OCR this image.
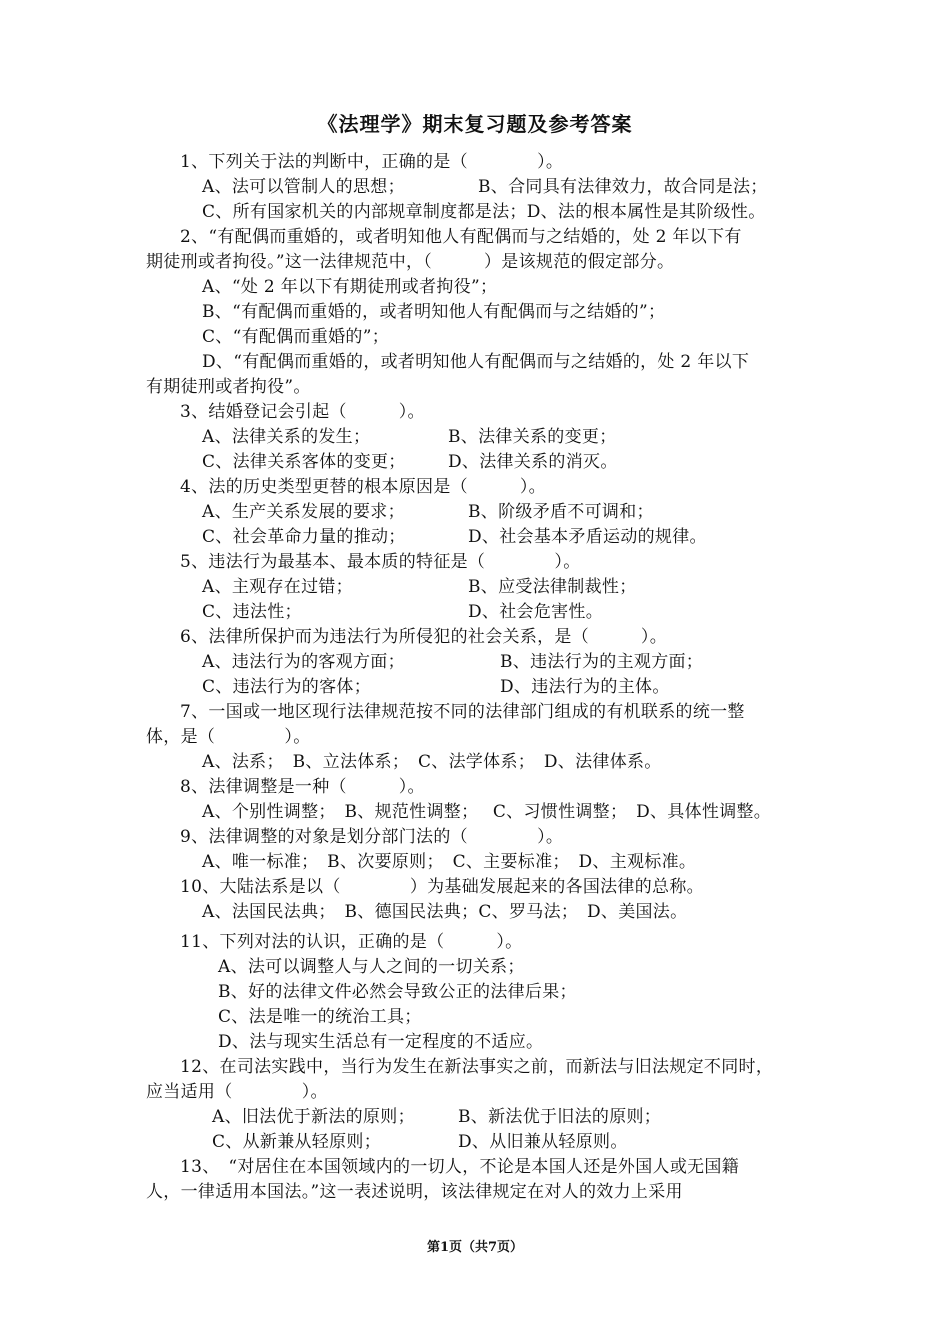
《法理学》期末复习题及参考答案
1、下列关于法的判断中，正确的是（　　　　）。
A、法可以管制人的思想；	B、合同具有法律效力，故合同是法；
C、所有国家机关的内部规章制度都是法；D、法的根本属性是其阶级性。
2、“有配偶而重婚的，或者明知他人有配偶而与之结婚的，处 2 年以下有
期徒刑或者拘役。”这一法律规范中，（　　　）是该规范的假定部分。
A、“处 2 年以下有期徒刑或者拘役”；
B、“有配偶而重婚的，或者明知他人有配偶而与之结婚的”；
C、“有配偶而重婚的”；
D、“有配偶而重婚的，或者明知他人有配偶而与之结婚的，处 2 年以下
有期徒刑或者拘役”。
3、结婚登记会引起（　　　）。
A、法律关系的发生；	B、法律关系的变更；
C、法律关系客体的变更； D、法律关系的消灭。
4、法的历史类型更替的根本原因是（　　　）。
A、生产关系发展的要求；	B、阶级矛盾不可调和；
C、社会革命力量的推动；	D、社会基本矛盾运动的规律。
5、违法行为最基本、最本质的特征是（　　　　）。
A、主观存在过错；	B、应受法律制裁性；
C、违法性；	D、社会危害性。
6、法律所保护而为违法行为所侵犯的社会关系，是（　　　）。
A、违法行为的客观方面；	B、违法行为的主观方面；
C、违法行为的客体；	D、违法行为的主体。
7、一国或一地区现行法律规范按不同的法律部门组成的有机联系的统一整
体，是（　　　　）。
A、法系；　B、立法体系；　C、法学体系；　D、法律体系。
8、法律调整是一种（　　　）。
A、个别性调整；　B、规范性调整；　 C、习惯性调整；　D、具体性调整。
9、法律调整的对象是划分部门法的（　　　　）。
A、唯一标准；　B、次要原则；　C、主要标准；　D、主观标准。
10、大陆法系是以（　　　　）为基础发展起来的各国法律的总称。
A、法国民法典；　B、德国民法典；C、罗马法；　D、美国法。
11、下列对法的认识，正确的是（　　　）。
A、法可以调整人与人之间的一切关系；
B、好的法律文件必然会导致公正的法律后果；
C、法是唯一的统治工具；
D、法与现实生活总有一定程度的不适应。
12、在司法实践中，当行为发生在新法事实之前，而新法与旧法规定不同时，
应当适用（　　　　）。
A、旧法优于新法的原则；	B、新法优于旧法的原则；
C、从新兼从轻原则；	D、从旧兼从轻原则。
13、　“对居住在本国领域内的一切人，不论是本国人还是外国人或无国籍
人，一律适用本国法。”这一表述说明，该法律规定在对人的效力上采用
第1页（共7页）
